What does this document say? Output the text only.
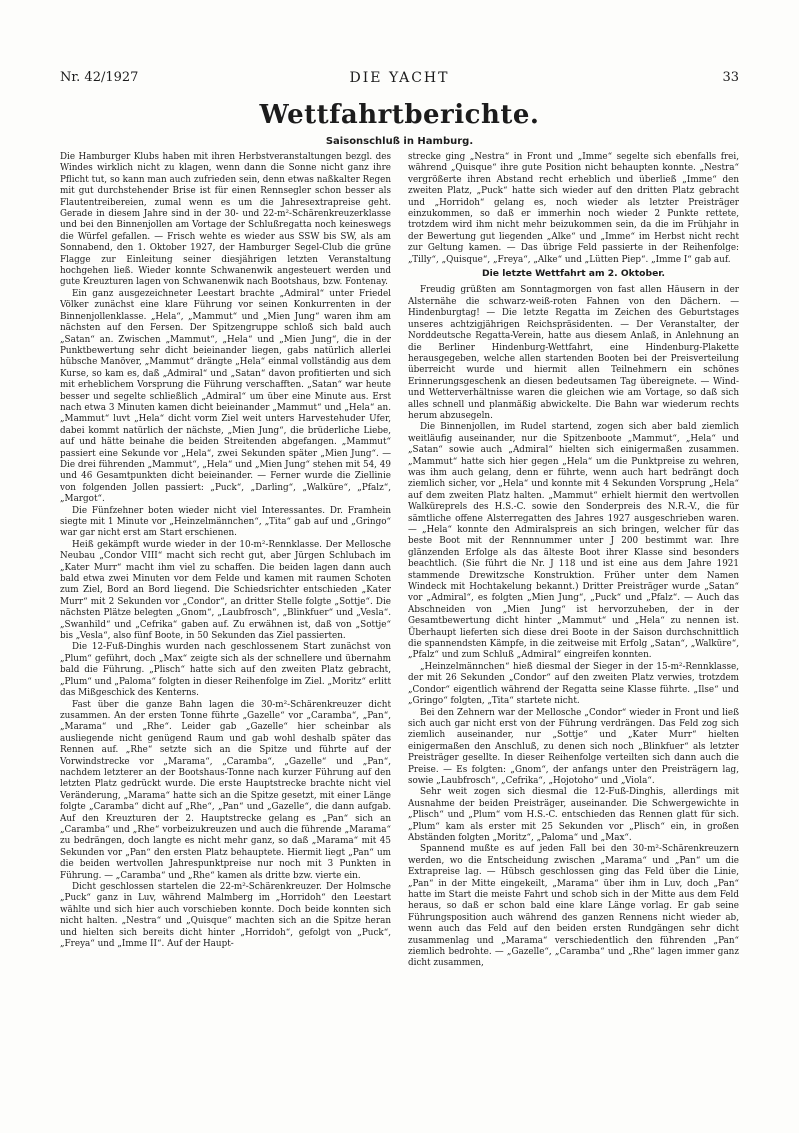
Nr. 42/1927	DIE YACHT	33
Wettfahrtberichte.
Saisonschluß in Hamburg.

Die Hamburger Klubs haben mit ihren Herbstveranstaltungen bezgl. des Windes wirklich nicht zu klagen, wenn dann die Sonne nicht ganz ihre Pflicht tut, so kann man auch zufrieden sein, denn etwas naßkalter Regen mit gut durchstehender Brise ist für einen Rennsegler schon besser als Flautentreibereien, zumal wenn es um die Jahresextrapreise geht. Gerade in diesem Jahre sind in der 30- und 22-m²-Schärenkreuzerklasse und bei den Binnenjollen am Vortage der Schlußregatta noch keineswegs die Würfel gefallen. — Frisch wehte es wieder aus SSW bis SW, als am Sonnabend, den 1. Oktober 1927, der Hamburger Segel-Club die grüne Flagge zur Einleitung seiner diesjährigen letzten Veranstaltung hochgehen ließ. Wieder konnte Schwanenwik angesteuert werden und gute Kreuzturen lagen von Schwanenwik nach Bootshaus, bzw. Fontenay.

Ein ganz ausgezeichneter Leestart brachte „Admiral“ unter Friedel Völker zunächst eine klare Führung vor seinen Konkurrenten in der Binnenjollenklasse. „Hela“, „Mammut“ und „Mien Jung“ waren ihm am nächsten auf den Fersen. Der Spitzengruppe schloß sich bald auch „Satan“ an. Zwischen „Mammut“, „Hela“ und „Mien Jung“, die in der Punktbewertung sehr dicht beieinander liegen, gabs natürlich allerlei hübsche Manöver, „Mammut“ drängte „Hela“ einmal vollständig aus dem Kurse, so kam es, daß „Admiral“ und „Satan“ davon profitierten und sich mit erheblichem Vorsprung die Führung verschafften. „Satan“ war heute besser und segelte schließlich „Admiral“ um über eine Minute aus. Erst nach etwa 3 Minuten kamen dicht beieinander „Mammut“ und „Hela“ an. „Mammut“ luvt „Hela“ dicht vorm Ziel weit unters Harvestehuder Ufer, dabei kommt natürlich der nächste, „Mien Jung“, die brüderliche Liebe, auf und hätte beinahe die beiden Streitenden abgefangen. „Mammut“ passiert eine Sekunde vor „Hela“, zwei Sekunden später „Mien Jung“. — Die drei führenden „Mammut“, „Hela“ und „Mien Jung“ stehen mit 54, 49 und 46 Gesamtpunkten dicht beieinander. — Ferner wurde die Ziellinie von folgenden Jollen passiert: „Puck“, „Darling“, „Walküre“, „Pfalz“, „Margot“.

Die Fünfzehner boten wieder nicht viel Interessantes. Dr. Framhein siegte mit 1 Minute vor „Heinzelmännchen“, „Tita“ gab auf und „Gringo“ war gar nicht erst am Start erschienen.

Heiß gekämpft wurde wieder in der 10-m²-Rennklasse. Der Mellosche Neubau „Condor VIII“ macht sich recht gut, aber Jürgen Schlubach im „Kater Murr“ macht ihm viel zu schaffen. Die beiden lagen dann auch bald etwa zwei Minuten vor dem Felde und kamen mit raumen Schoten zum Ziel, Bord an Bord liegend. Die Schiedsrichter entschieden „Kater Murr“ mit 2 Sekunden vor „Condor“, an dritter Stelle folgte „Sottje“. Die nächsten Plätze belegten „Gnom“, „Laubfrosch“, „Blinkfuer“ und „Vesla“. „Swanhild“ und „Cefrika“ gaben auf. Zu erwähnen ist, daß von „Sottje“ bis „Vesla“, also fünf Boote, in 50 Sekunden das Ziel passierten.

Die 12-Fuß-Dinghis wurden nach geschlossenem Start zunächst von „Plum“ geführt, doch „Max“ zeigte sich als der schnellere und übernahm bald die Führung. „Plisch“ hatte sich auf den zweiten Platz gebracht, „Plum“ und „Paloma“ folgten in dieser Reihenfolge im Ziel. „Moritz“ erlitt das Mißgeschick des Kenterns.

Fast über die ganze Bahn lagen die 30-m²-Schärenkreuzer dicht zusammen. An der ersten Tonne führte „Gazelle“ vor „Caramba“, „Pan“, „Marama“ und „Rhe“. Leider gab „Gazelle“ hier scheinbar als ausliegende nicht genügend Raum und gab wohl deshalb später das Rennen auf. „Rhe“ setzte sich an die Spitze und führte auf der Vorwindstrecke vor „Marama“, „Caramba“, „Gazelle“ und „Pan“, nachdem letzterer an der Bootshaus-Tonne nach kurzer Führung auf den letzten Platz gedrückt wurde. Die erste Hauptstrecke brachte nicht viel Veränderung, „Marama“ hatte sich an die Spitze gesetzt, mit einer Länge folgte „Caramba“ dicht auf „Rhe“, „Pan“ und „Gazelle“, die dann aufgab. Auf den Kreuzturen der 2. Hauptstrecke gelang es „Pan“ sich an „Caramba“ und „Rhe“ vorbeizukreuzen und auch die führende „Marama“ zu bedrängen, doch langte es nicht mehr ganz, so daß „Marama“ mit 45 Sekunden vor „Pan“ den ersten Platz behauptete. Hiermit liegt „Pan“ um die beiden wertvollen Jahrespunktpreise nur noch mit 3 Punkten in Führung. — „Caramba“ und „Rhe“ kamen als dritte bzw. vierte ein.

Dicht geschlossen startelen die 22-m²-Schärenkreuzer. Der Holmsche „Puck“ ganz in Luv, während Malmberg im „Horridoh“ den Leestart wählte und sich hier auch vorschieben konnte. Doch beide konnten sich nicht halten. „Nestra“ und „Quisque“ machten sich an die Spitze heran und hielten sich bereits dicht hinter „Horridoh“, gefolgt von „Puck“, „Freya“ und „Imme II“. Auf der Haupt-

strecke ging „Nestra“ in Front und „Imme“ segelte sich ebenfalls frei, während „Quisque“ ihre gute Position nicht behaupten konnte. „Nestra“ vergrößerte ihren Abstand recht erheblich und überließ „Imme“ den zweiten Platz, „Puck“ hatte sich wieder auf den dritten Platz gebracht und „Horridoh“ gelang es, noch wieder als letzter Preisträger einzukommen, so daß er immerhin noch wieder 2 Punkte rettete, trotzdem wird ihm nicht mehr beizukommen sein, da die im Frühjahr in der Bewertung gut liegenden „Alke“ und „Imme“ im Herbst nicht recht zur Geltung kamen. — Das übrige Feld passierte in der Reihenfolge: „Tilly“, „Quisque“, „Freya“, „Alke“ und „Lütten Piep“. „Imme I“ gab auf.

Die letzte Wettfahrt am 2. Oktober.

Freudig grüßten am Sonntagmorgen von fast allen Häusern in der Alsternähe die schwarz-weiß-roten Fahnen von den Dächern. — Hindenburgtag! — Die letzte Regatta im Zeichen des Geburtstages unseres achtzigjährigen Reichspräsidenten. — Der Veranstalter, der Norddeutsche Regatta-Verein, hatte aus diesem Anlaß, in Anlehnung an die Berliner Hindenburg-Wettfahrt, eine Hindenburg-Plakette herausgegeben, welche allen startenden Booten bei der Preisverteilung überreicht wurde und hiermit allen Teilnehmern ein schönes Erinnerungsgeschenk an diesen bedeutsamen Tag übereignete. — Wind- und Wetterverhältnisse waren die gleichen wie am Vortage, so daß sich alles schnell und planmäßig abwickelte. Die Bahn war wiederum rechts herum abzusegeln.

Die Binnenjollen, im Rudel startend, zogen sich aber bald ziemlich weitläufig auseinander, nur die Spitzenboote „Mammut“, „Hela“ und „Satan“ sowie auch „Admiral“ hielten sich einigermaßen zusammen. „Mammut“ hatte sich hier gegen „Hela“ um die Punktpreise zu wehren, was ihm auch gelang, denn er führte, wenn auch hart bedrängt doch ziemlich sicher, vor „Hela“ und konnte mit 4 Sekunden Vorsprung „Hela“ auf dem zweiten Platz halten. „Mammut“ erhielt hiermit den wertvollen Walküreprels des H.S.-C. sowie den Sonderpreis des N.R.-V., die für sämtliche offene Alsterregatten des Jahres 1927 ausgeschrieben waren. — „Hela“ konnte den Admiralspreis an sich bringen, welcher für das beste Boot mit der Rennnummer unter J 200 bestimmt war. Ihre glänzenden Erfolge als das älteste Boot ihrer Klasse sind besonders beachtlich. (Sie führt die Nr. J 118 und ist eine aus dem Jahre 1921 stammende Drewitzsche Konstruktion. Früher unter dem Namen Windeck mit Hochtakelung bekannt.) Dritter Preisträger wurde „Satan“ vor „Admiral“, es folgten „Mien Jung“, „Puck“ und „Pfalz“. — Auch das Abschneiden von „Mien Jung“ ist hervorzuheben, der in der Gesamtbewertung dicht hinter „Mammut“ und „Hela“ zu nennen ist. Überhaupt lieferten sich diese drei Boote in der Saison durchschnittlich die spannendsten Kämpfe, in die zeitweise mit Erfolg „Satan“, „Walküre“, „Pfalz“ und zum Schluß „Admiral“ eingreifen konnten.

„Heinzelmännchen“ hieß diesmal der Sieger in der 15-m²-Rennklasse, der mit 26 Sekunden „Condor“ auf den zweiten Platz verwies, trotzdem „Condor“ eigentlich während der Regatta seine Klasse führte. „Ilse“ und „Gringo“ folgten, „Tita“ startete nicht.

Bei den Zehnern war der Mellosche „Condor“ wieder in Front und ließ sich auch gar nicht erst von der Führung verdrängen. Das Feld zog sich ziemlich auseinander, nur „Sottje“ und „Kater Murr“ hielten einigermaßen den Anschluß, zu denen sich noch „Blinkfuer“ als letzter Preisträger gesellte. In dieser Reihenfolge verteilten sich dann auch die Preise. — Es folgten: „Gnom“, der anfangs unter den Preisträgern lag, sowie „Laubfrosch“, „Cefrika“, „Hojotoho“ und „Viola“.

Sehr weit zogen sich diesmal die 12-Fuß-Dinghis, allerdings mit Ausnahme der beiden Preisträger, auseinander. Die Schwergewichte in „Plisch“ und „Plum“ vom H.S.-C. entschieden das Rennen glatt für sich. „Plum“ kam als erster mit 25 Sekunden vor „Plisch“ ein, in großen Abständen folgten „Moritz“, „Paloma“ und „Max“.

Spannend mußte es auf jeden Fall bei den 30-m²-Schärenkreuzern werden, wo die Entscheidung zwischen „Marama“ und „Pan“ um die Extrapreise lag. — Hübsch geschlossen ging das Feld über die Linie, „Pan“ in der Mitte eingekeilt, „Marama“ über ihm in Luv, doch „Pan“ hatte im Start die meiste Fahrt und schob sich in der Mitte aus dem Feld heraus, so daß er schon bald eine klare Länge vorlag. Er gab seine Führungsposition auch während des ganzen Rennens nicht wieder ab, wenn auch das Feld auf den beiden ersten Rundgängen sehr dicht zusammenlag und „Marama“ verschiedentlich den führenden „Pan“ ziemlich bedrohte. — „Gazelle“, „Caramba“ und „Rhe“ lagen immer ganz dicht zusammen,
